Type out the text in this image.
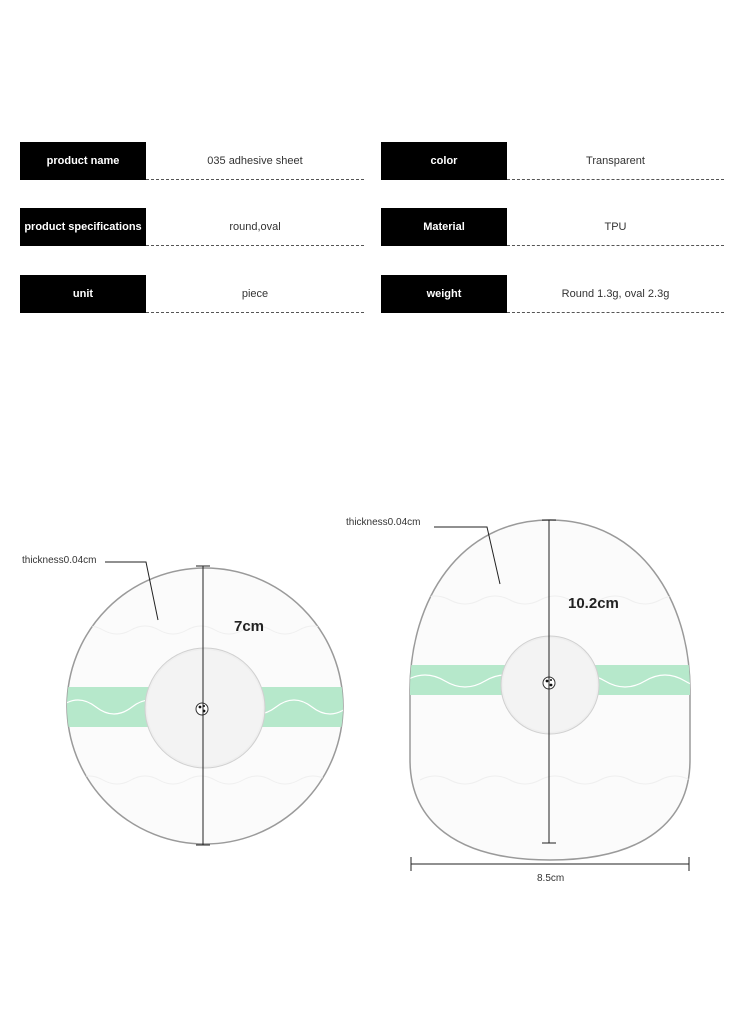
product name	035 adhesive sheet	color	Transparent
product specifications	round,oval	Material	TPU
unit	piece	weight	Round 1.3g, oval 2.3g
thickness0.04cm
7cm
thickness0.04cm
10.2cm
8.5cm
